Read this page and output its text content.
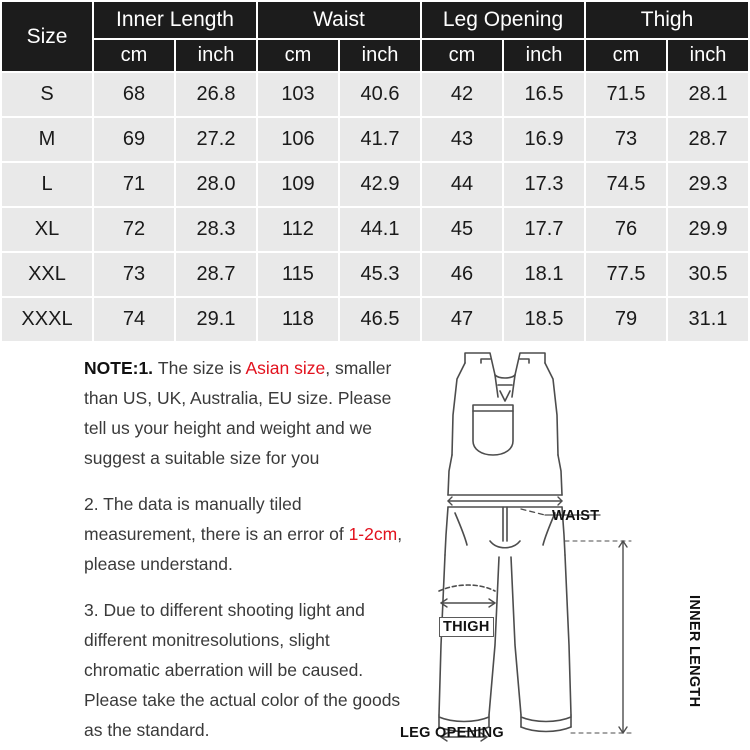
Size	Inner Length		Waist		Leg Opening		Thigh	
	cm	inch	cm	inch	cm	inch	cm	inch
S	68	26.8	103	40.6	42	16.5	71.5	28.1
M	69	27.2	106	41.7	43	16.9	73	28.7
L	71	28.0	109	42.9	44	17.3	74.5	29.3
XL	72	28.3	112	44.1	45	17.7	76	29.9
XXL	73	28.7	115	45.3	46	18.1	77.5	30.5
XXXL	74	29.1	118	46.5	47	18.5	79	31.1

NOTE:1. The size is Asian size, smaller than US, UK, Australia, EU size. Please tell us your height and weight and we suggest a suitable size for you

2. The data is manually tiled measurement, there is an error of 1-2cm, please understand.

3. Due to different shooting light and different monitresolutions, slight chromatic aberration will be caused. Please take the actual color of the goods as the standard.

WAIST
THIGH	INNER LENGTH
LEG OPENING
